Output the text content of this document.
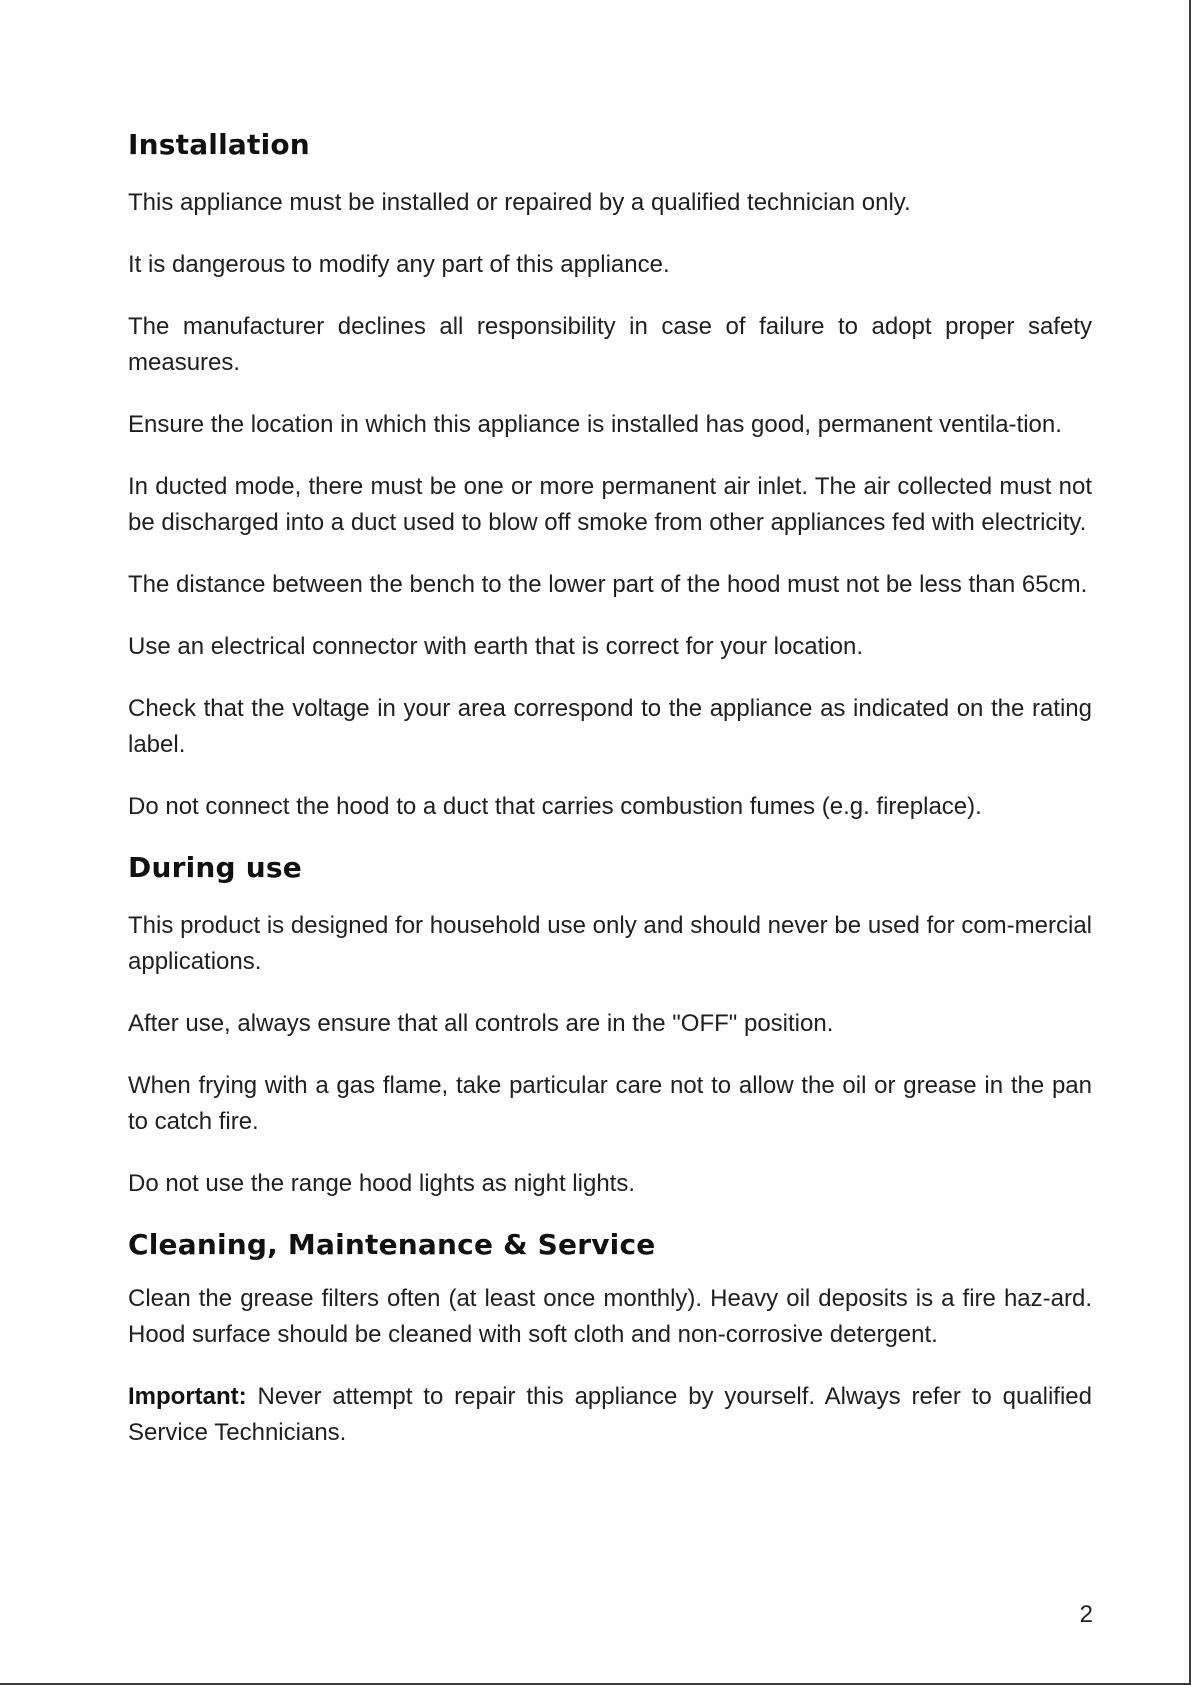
Installation

This appliance must be installed or repaired by a qualified technician only.

It is dangerous to modify any part of this appliance.

The manufacturer declines all responsibility in case of failure to adopt proper safety measures.

Ensure the location in which this appliance is installed has good, permanent ventila-tion.

In ducted mode, there must be one or more permanent air inlet. The air collected must not be discharged into a duct used to blow off smoke from other appliances fed with electricity.

The distance between the bench to the lower part of the hood must not be less than 65cm.

Use an electrical connector with earth that is correct for your location.

Check that the voltage in your area correspond to the appliance as indicated on the rating label.

Do not connect the hood to a duct that carries combustion fumes (e.g. fireplace).

During use

This product is designed for household use only and should never be used for com-mercial applications.

After use, always ensure that all controls are in the "OFF" position.

When frying with a gas flame, take particular care not to allow the oil or grease in the pan to catch fire.

Do not use the range hood lights as night lights.

Cleaning, Maintenance & Service

Clean the grease filters often (at least once monthly). Heavy oil deposits is a fire haz-ard. Hood surface should be cleaned with soft cloth and non-corrosive detergent.

Important: Never attempt to repair this appliance by yourself. Always refer to qualified Service Technicians.

2
